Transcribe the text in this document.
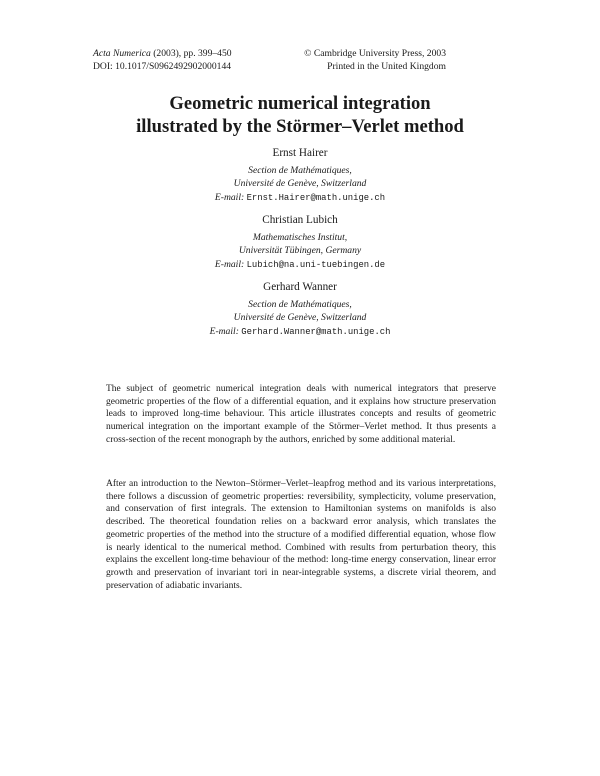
Acta Numerica (2003), pp. 399–450
DOI: 10.1017/S0962492902000144
© Cambridge University Press, 2003
Printed in the United Kingdom
Geometric numerical integration
illustrated by the Störmer–Verlet method
Ernst Hairer
Section de Mathématiques,
Université de Genève, Switzerland
E-mail: Ernst.Hairer@math.unige.ch
Christian Lubich
Mathematisches Institut,
Universität Tübingen, Germany
E-mail: Lubich@na.uni-tuebingen.de
Gerhard Wanner
Section de Mathématiques,
Université de Genève, Switzerland
E-mail: Gerhard.Wanner@math.unige.ch

The subject of geometric numerical integration deals with numerical integrators that preserve geometric properties of the flow of a differential equation, and it explains how structure preservation leads to improved long-time behaviour. This article illustrates concepts and results of geometric numerical integration on the important example of the Störmer–Verlet method. It thus presents a cross-section of the recent monograph by the authors, enriched by some additional material.

After an introduction to the Newton–Störmer–Verlet–leapfrog method and its various interpretations, there follows a discussion of geometric properties: reversibility, symplecticity, volume preservation, and conservation of first integrals. The extension to Hamiltonian systems on manifolds is also described. The theoretical foundation relies on a backward error analysis, which translates the geometric properties of the method into the structure of a modified differential equation, whose flow is nearly identical to the numerical method. Combined with results from perturbation theory, this explains the excellent long-time behaviour of the method: long-time energy conservation, linear error growth and preservation of invariant tori in near-integrable systems, a discrete virial theorem, and preservation of adiabatic invariants.
